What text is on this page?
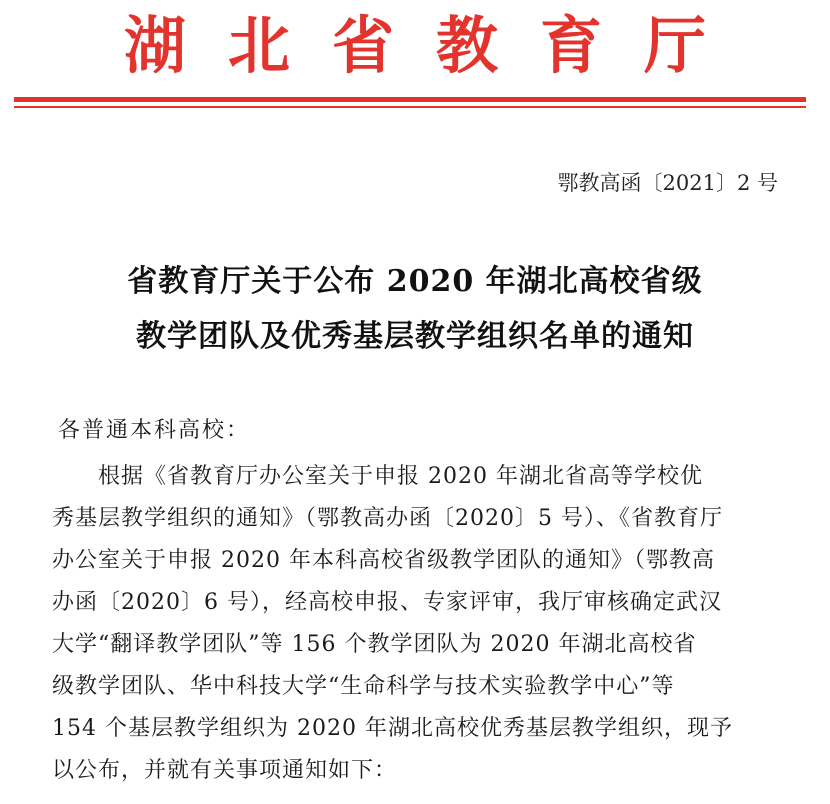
湖 北 省 教 育 厅
鄂教高函〔2021〕2 号
省教育厅关于公布 2020 年湖北高校省级
教学团队及优秀基层教学组织名单的通知
各普通本科高校：
　　根据《省教育厅办公室关于申报 2020 年湖北省高等学校优
秀基层教学组织的通知》（鄂教高办函〔2020〕5 号）、《省教育厅
办公室关于申报 2020 年本科高校省级教学团队的通知》（鄂教高
办函〔2020〕6 号），经高校申报、专家评审，我厅审核确定武汉
大学“翻译教学团队”等 156 个教学团队为 2020 年湖北高校省
级教学团队、华中科技大学“生命科学与技术实验教学中心”等
154 个基层教学组织为 2020 年湖北高校优秀基层教学组织，现予
以公布，并就有关事项通知如下：
